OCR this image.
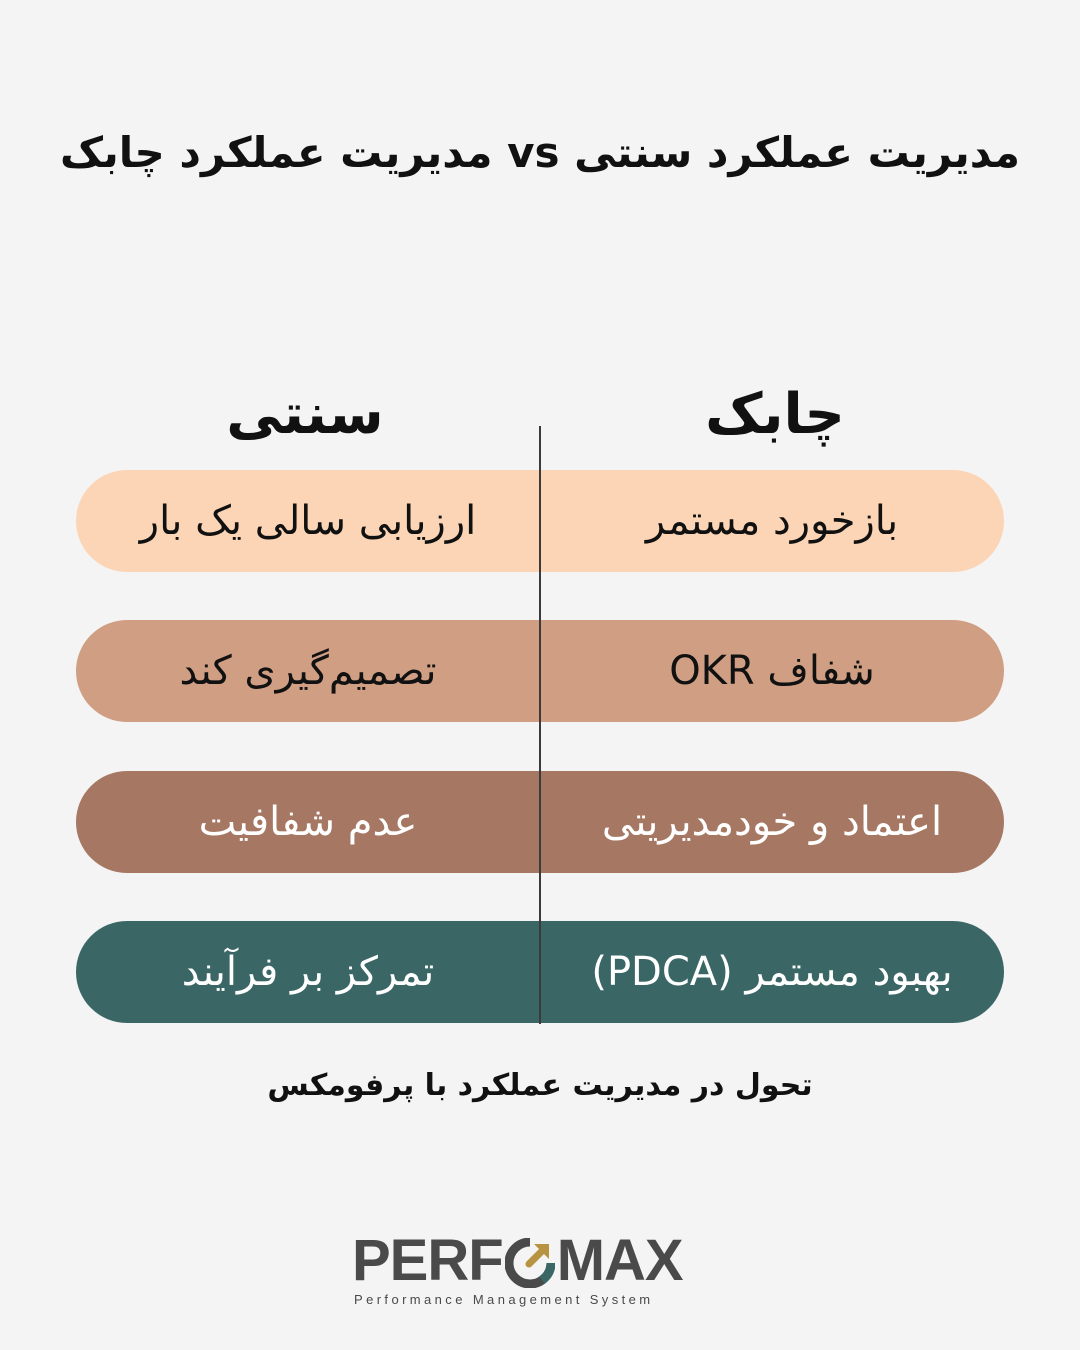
مدیریت عملکرد سنتی vs مدیریت عملکرد چابک
چابک
سنتی
بازخورد مستمر
ارزیابی سالی یک بار
OKR شفاف
تصمیم‌گیری کند
اعتماد و خودمدیریتی
عدم شفافیت
بهبود مستمر (PDCA)
تمرکز بر فرآیند
تحول در مدیریت عملکرد با پرفومکس
PERF MAX
Performance Management System
